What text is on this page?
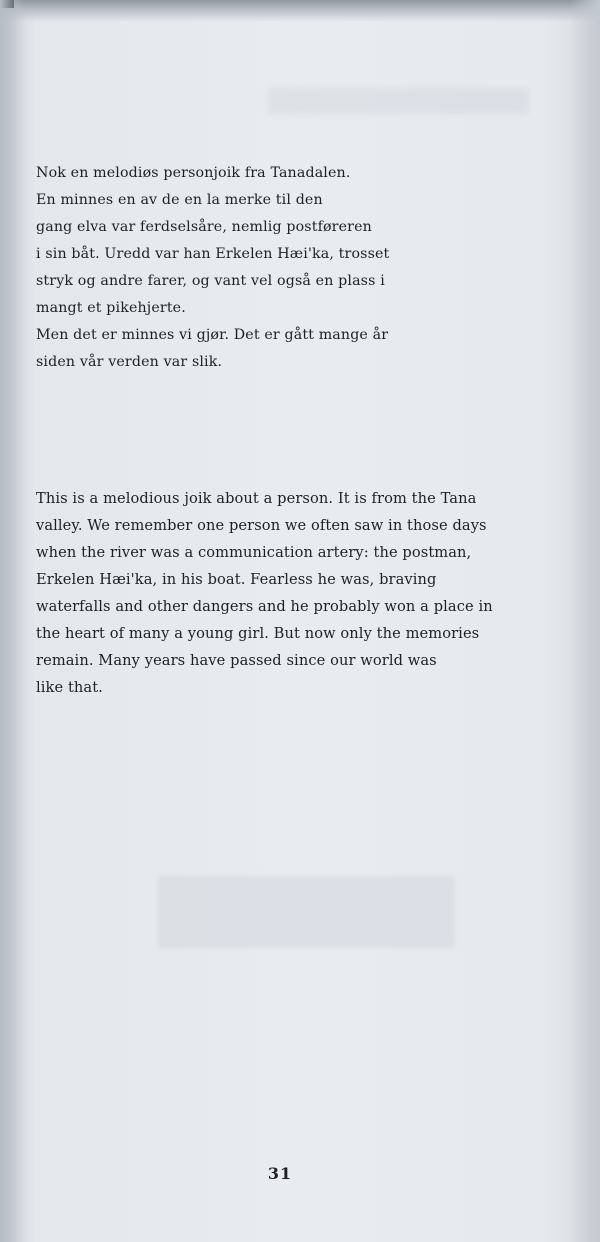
Nok en melodiøs personjoik fra Tanadalen.
En minnes en av de en la merke til den
gang elva var ferdselsåre, nemlig postføreren
i sin båt. Uredd var han Erkelen Hæi'ka, trosset
stryk og andre farer, og vant vel også en plass i
mangt et pikehjerte.
Men det er minnes vi gjør. Det er gått mange år
siden vår verden var slik.
This is a melodious joik about a person. It is from the Tana
valley. We remember one person we often saw in those days
when the river was a communication artery: the postman,
Erkelen Hæi'ka, in his boat. Fearless he was, braving
waterfalls and other dangers and he probably won a place in
the heart of many a young girl. But now only the memories
remain. Many years have passed since our world was
like that.
31
